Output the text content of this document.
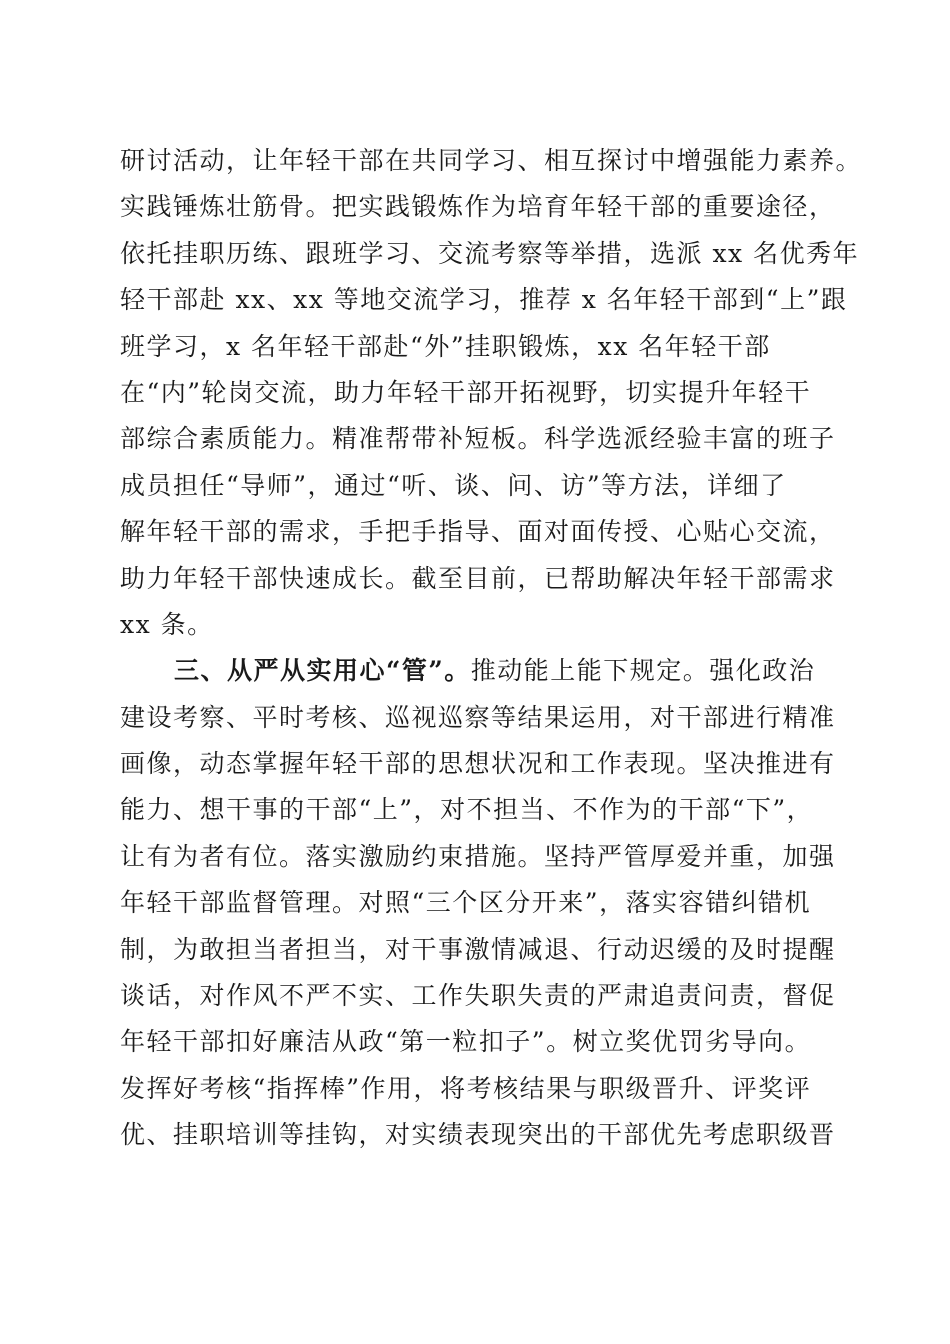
研讨活动，让年轻干部在共同学习、相互探讨中增强能力素养。
实践锤炼壮筋骨。把实践锻炼作为培育年轻干部的重要途径，
依托挂职历练、跟班学习、交流考察等举措，选派 xx 名优秀年
轻干部赴 xx、xx 等地交流学习，推荐 x 名年轻干部到“上”跟
班学习，x 名年轻干部赴“外”挂职锻炼，xx 名年轻干部
在“内”轮岗交流，助力年轻干部开拓视野，切实提升年轻干
部综合素质能力。精准帮带补短板。科学选派经验丰富的班子
成员担任“导师”，通过“听、谈、问、访”等方法，详细了
解年轻干部的需求，手把手指导、面对面传授、心贴心交流，
助力年轻干部快速成长。截至目前，已帮助解决年轻干部需求
xx 条。
三、从严从实用心“管”。推动能上能下规定。强化政治
建设考察、平时考核、巡视巡察等结果运用，对干部进行精准
画像，动态掌握年轻干部的思想状况和工作表现。坚决推进有
能力、想干事的干部“上”，对不担当、不作为的干部“下”，
让有为者有位。落实激励约束措施。坚持严管厚爱并重，加强
年轻干部监督管理。对照“三个区分开来”，落实容错纠错机
制，为敢担当者担当，对干事激情减退、行动迟缓的及时提醒
谈话，对作风不严不实、工作失职失责的严肃追责问责，督促
年轻干部扣好廉洁从政“第一粒扣子”。树立奖优罚劣导向。
发挥好考核“指挥棒”作用，将考核结果与职级晋升、评奖评
优、挂职培训等挂钩，对实绩表现突出的干部优先考虑职级晋
